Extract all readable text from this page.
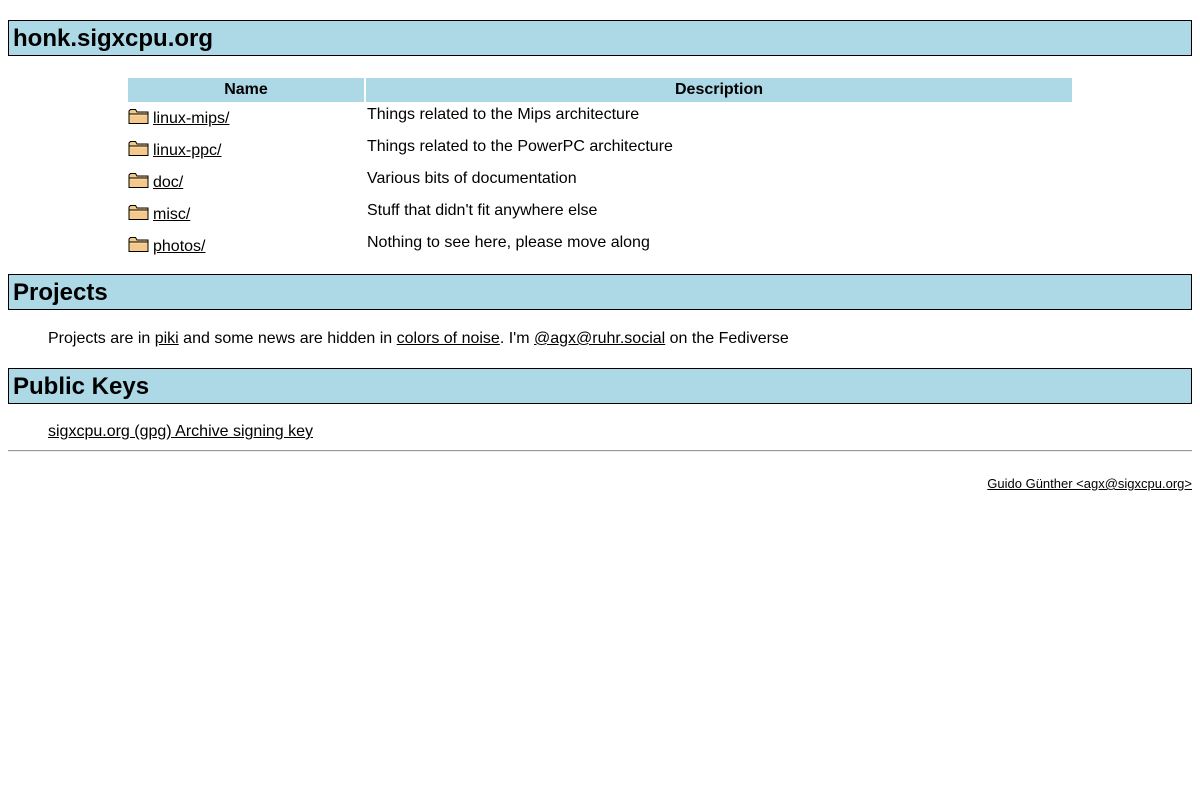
honk.sigxcpu.org
Name	Description
linux-mips/	Things related to the Mips architecture
linux-ppc/	Things related to the PowerPC architecture
doc/	Various bits of documentation
misc/	Stuff that didn't fit anywhere else
photos/	Nothing to see here, please move along
Projects
Projects are in piki and some news are hidden in colors of noise. I'm @agx@ruhr.social on the Fediverse
Public Keys
sigxcpu.org (gpg) Archive signing key
Guido Günther <agx@sigxcpu.org>
